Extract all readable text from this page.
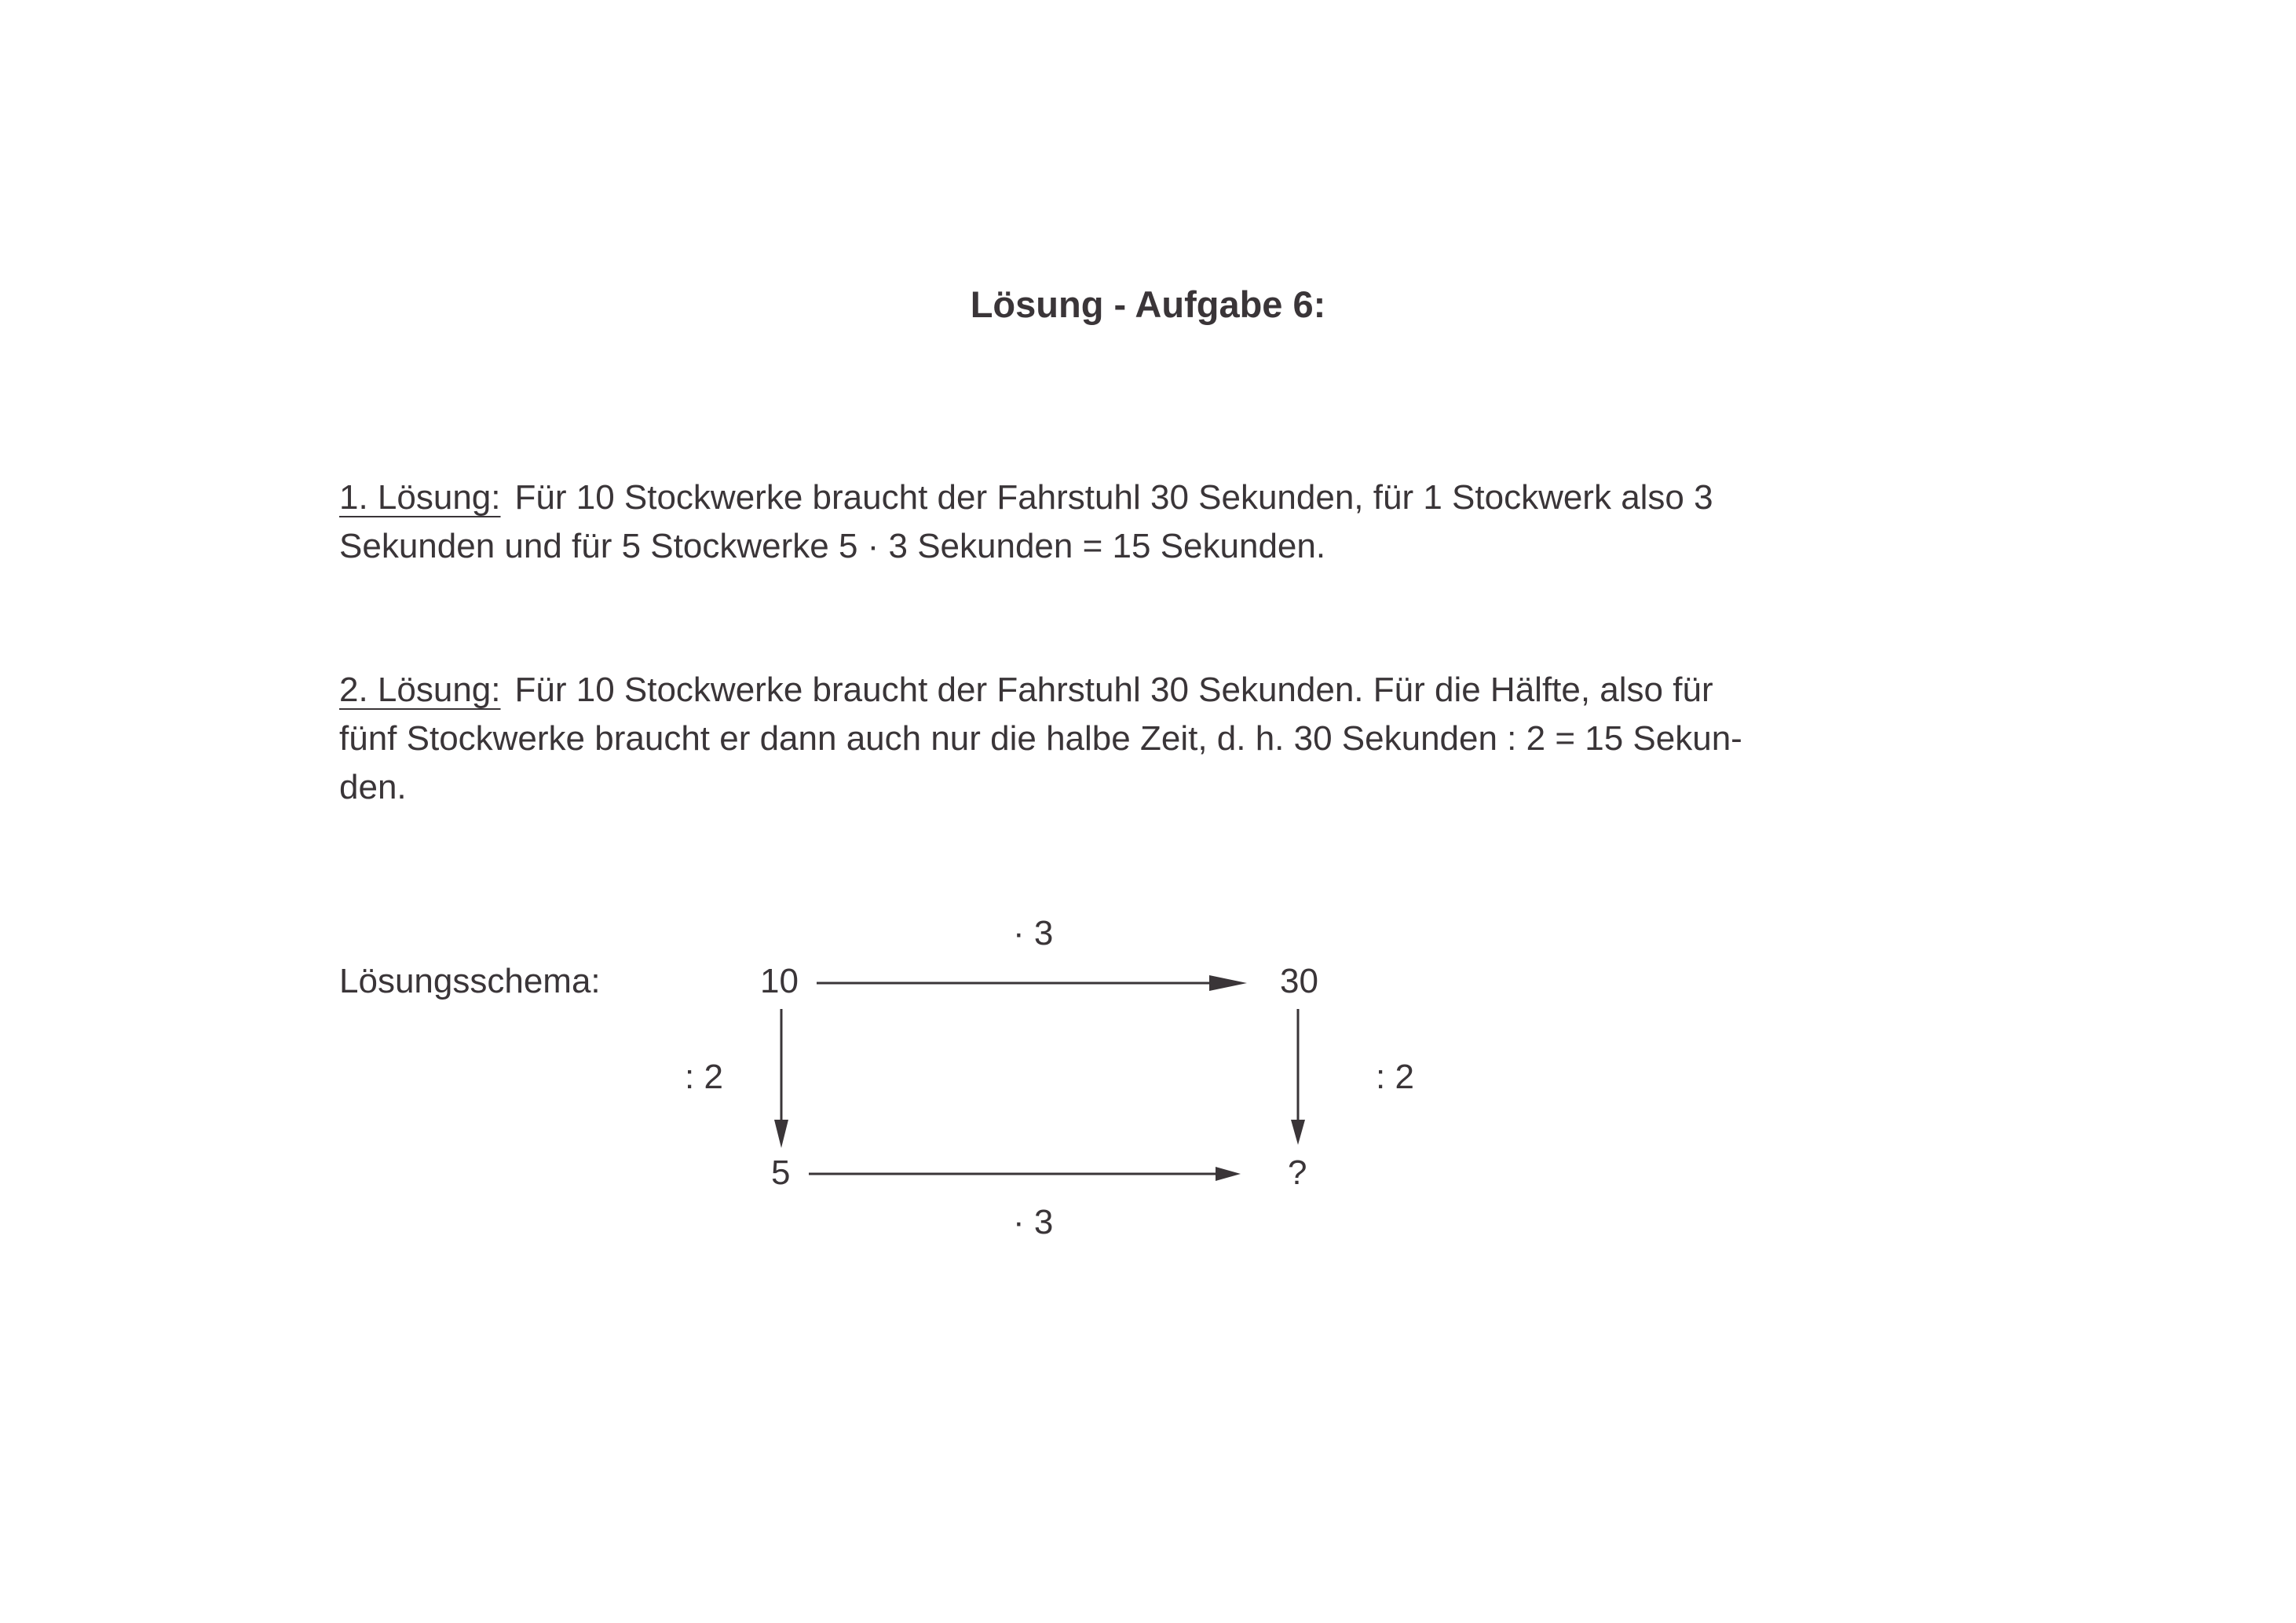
Lösung - Aufgabe 6:
1. Lösung: Für 10 Stockwerke braucht der Fahrstuhl 30 Sekunden, für 1 Stockwerk also 3
Sekunden und für 5 Stockwerke 5 · 3 Sekunden = 15 Sekunden.
2. Lösung: Für 10 Stockwerke braucht der Fahrstuhl 30 Sekunden. Für die Hälfte, also für
fünf Stockwerke braucht er dann auch nur die halbe Zeit, d. h. 30 Sekunden : 2 = 15 Sekun-
den.
Lösungsschema:	10	30
5	?
· 3
· 3
: 2	: 2
